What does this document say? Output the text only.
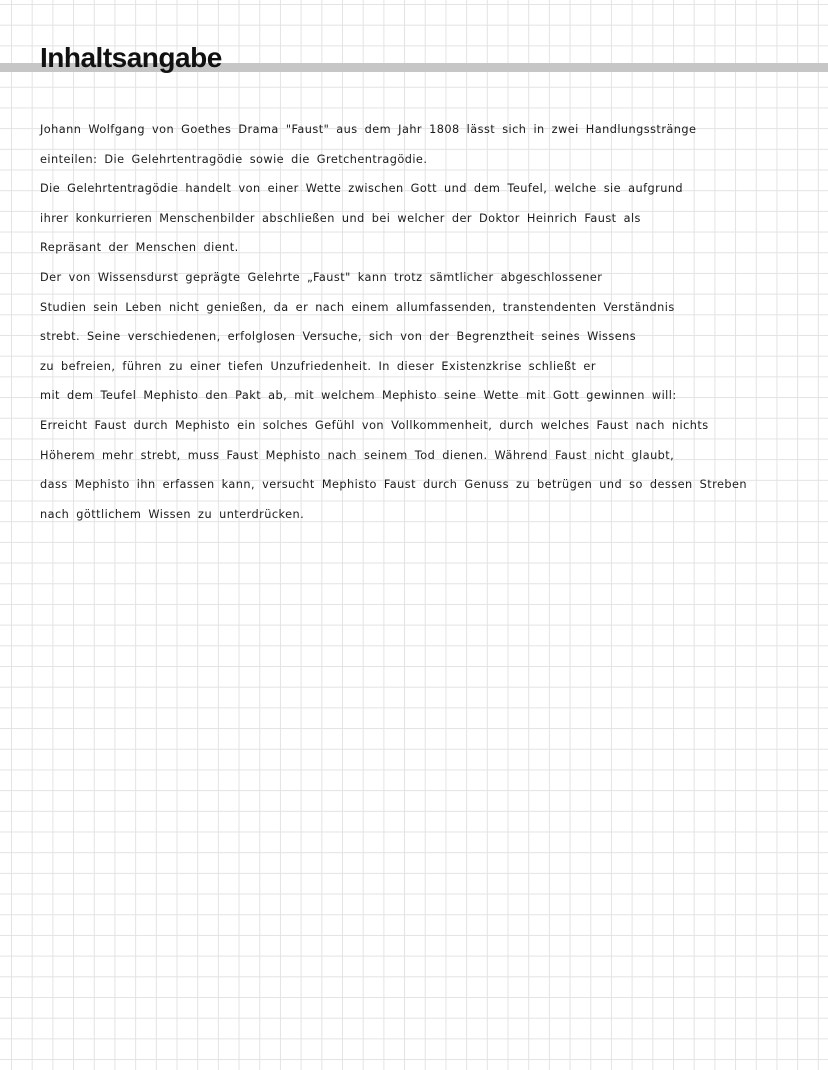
Inhaltsangabe
Johann Wolfgang von Goethes Drama "Faust" aus dem Jahr 1808 lässt sich in zwei Handlungsstränge
einteilen: Die Gelehrtentragödie sowie die Gretchentragödie.
Die Gelehrtentragödie handelt von einer Wette zwischen Gott und dem Teufel, welche sie aufgrund
ihrer konkurrieren Menschenbilder abschließen und bei welcher der Doktor Heinrich Faust als
Repräsant der Menschen dient.
Der von Wissensdurst geprägte Gelehrte „Faust" kann trotz sämtlicher abgeschlossener
Studien sein Leben nicht genießen, da er nach einem allumfassenden, transtendenten Verständnis
strebt. Seine verschiedenen, erfolglosen Versuche, sich von der Begrenztheit seines Wissens
zu befreien, führen zu einer tiefen Unzufriedenheit. In dieser Existenzkrise schließt er
mit dem Teufel Mephisto den Pakt ab, mit welchem Mephisto seine Wette mit Gott gewinnen will:
Erreicht Faust durch Mephisto ein solches Gefühl von Vollkommenheit, durch welches Faust nach nichts
Höherem mehr strebt, muss Faust Mephisto nach seinem Tod dienen. Während Faust nicht glaubt,
dass Mephisto ihn erfassen kann, versucht Mephisto Faust durch Genuss zu betrügen und so dessen Streben
nach göttlichem Wissen zu unterdrücken.
